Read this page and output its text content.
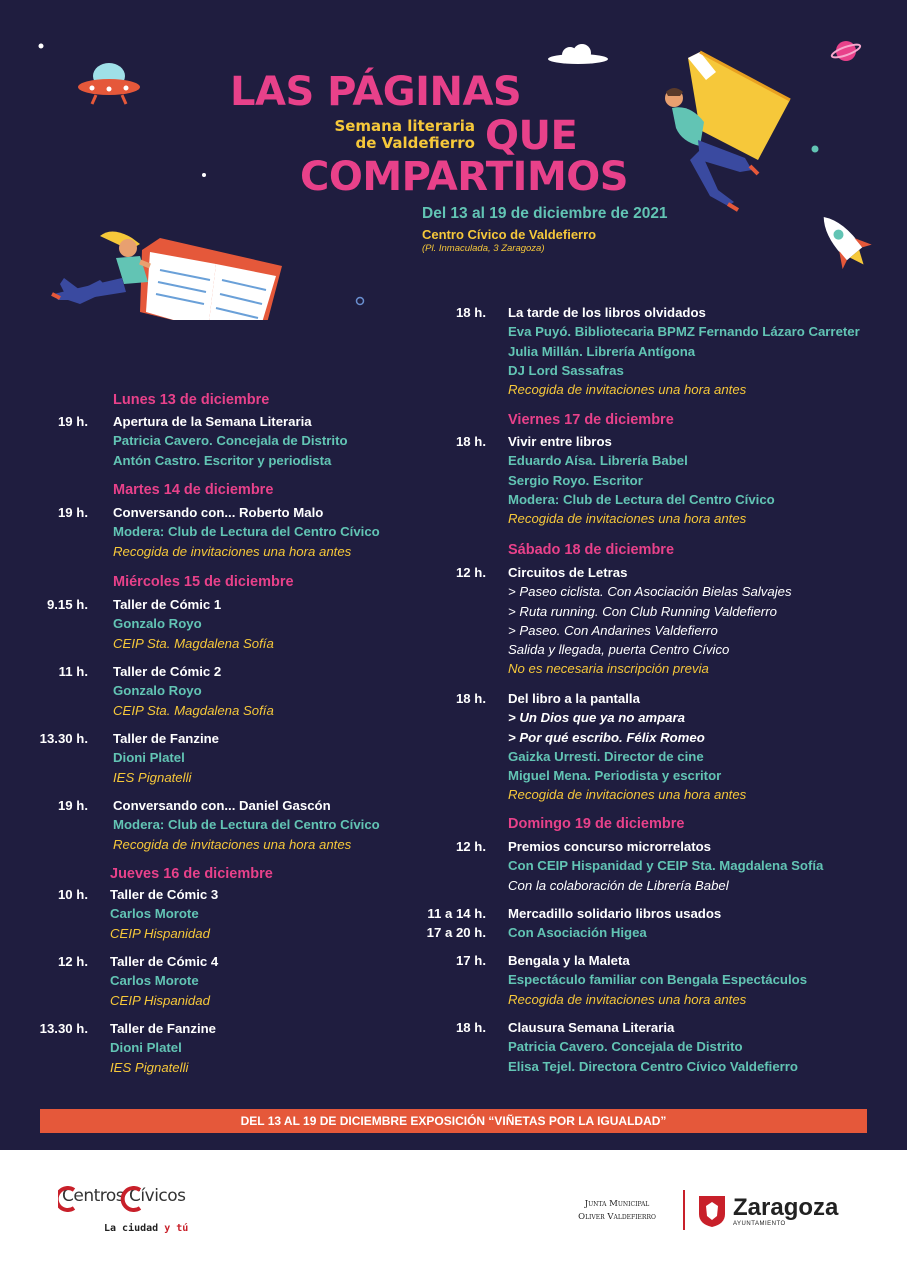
LAS PÁGINAS
Semana literaria
de Valdefierro QUE
COMPARTIMOS
Del 13 al 19 de diciembre de 2021
Centro Cívico de Valdefierro
(Pl. Inmaculada, 3 Zaragoza)
Lunes 13 de diciembre
19 h. Apertura de la Semana Literaria
Patricia Cavero. Concejala de Distrito
Antón Castro. Escritor y periodista
Martes 14 de diciembre
19 h. Conversando con... Roberto Malo
Modera: Club de Lectura del Centro Cívico
Recogida de invitaciones una hora antes
Miércoles 15 de diciembre
9.15 h. Taller de Cómic 1
Gonzalo Royo
CEIP Sta. Magdalena Sofía
11 h. Taller de Cómic 2
Gonzalo Royo
CEIP Sta. Magdalena Sofía
13.30 h. Taller de Fanzine
Dioni Platel
IES Pignatelli
19 h. Conversando con... Daniel Gascón
Modera: Club de Lectura del Centro Cívico
Recogida de invitaciones una hora antes
Jueves 16 de diciembre
10 h. Taller de Cómic 3
Carlos Morote
CEIP Hispanidad
12 h. Taller de Cómic 4
Carlos Morote
CEIP Hispanidad
13.30 h. Taller de Fanzine
Dioni Platel
IES Pignatelli
18 h. La tarde de los libros olvidados
Eva Puyó. Bibliotecaria BPMZ Fernando Lázaro Carreter
Julia Millán. Librería Antígona
DJ Lord Sassafras
Recogida de invitaciones una hora antes
Viernes 17 de diciembre
18 h. Vivir entre libros
Eduardo Aísa. Librería Babel
Sergio Royo. Escritor
Modera: Club de Lectura del Centro Cívico
Recogida de invitaciones una hora antes
Sábado 18 de diciembre
12 h. Circuitos de Letras
> Paseo ciclista. Con Asociación Bielas Salvajes
> Ruta running. Con Club Running Valdefierro
> Paseo. Con Andarines Valdefierro
Salida y llegada, puerta Centro Cívico
No es necesaria inscripción previa
18 h. Del libro a la pantalla
> Un Dios que ya no ampara
> Por qué escribo. Félix Romeo
Gaizka Urresti. Director de cine
Miguel Mena. Periodista y escritor
Recogida de invitaciones una hora antes
Domingo 19 de diciembre
12 h. Premios concurso microrrelatos
Con CEIP Hispanidad y CEIP Sta. Magdalena Sofía
Con la colaboración de Librería Babel
11 a 14 h.
17 a 20 h.
Mercadillo solidario libros usados
Con Asociación Higea
17 h. Bengala y la Maleta
Espectáculo familiar con Bengala Espectáculos
Recogida de invitaciones una hora antes
18 h. Clausura Semana Literaria
Patricia Cavero. Concejala de Distrito
Elisa Tejel. Directora Centro Cívico Valdefierro
DEL 13 AL 19 DE DICIEMBRE EXPOSICIÓN “VIÑETAS POR LA IGUALDAD”
Centros Cívicos
La ciudad y tú
Junta Municipal
Oliver Valdefierro	Zaragoza
AYUNTAMIENTO
